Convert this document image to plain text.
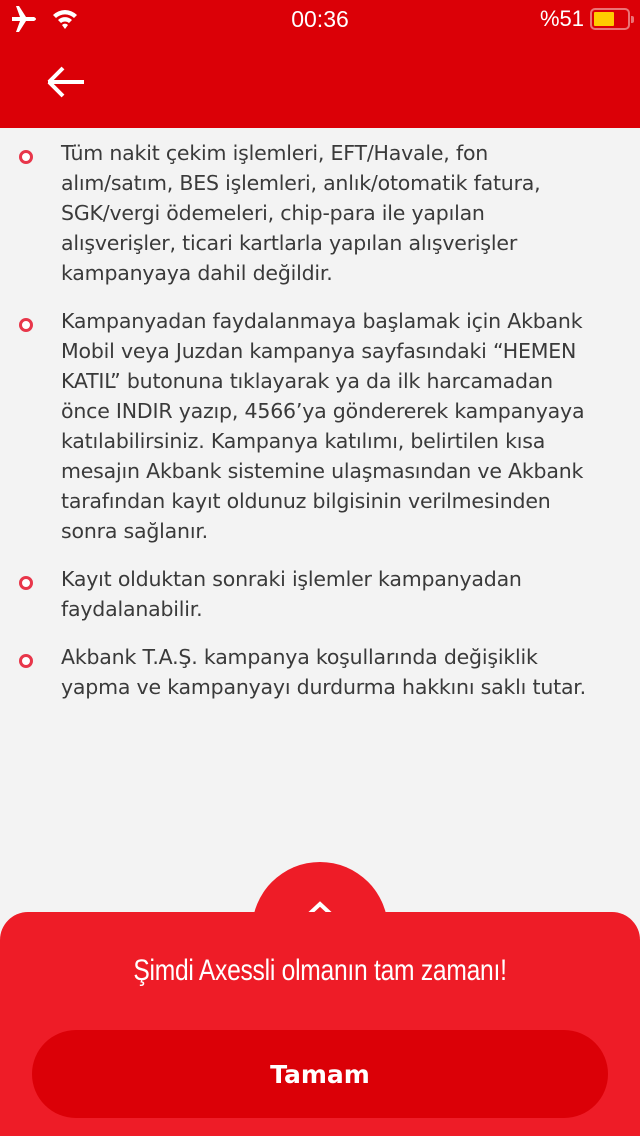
00:36	%51

Tüm nakit çekim işlemleri, EFT/Havale, fon alım/satım, BES işlemleri, anlık/otomatik fatura, SGK/vergi ödemeleri, chip-para ile yapılan alışverişler, ticari kartlarla yapılan alışverişler kampanyaya dahil değildir.

Kampanyadan faydalanmaya başlamak için Akbank Mobil veya Juzdan kampanya sayfasındaki “HEMEN KATIL” butonuna tıklayarak ya da ilk harcamadan önce INDIR yazıp, 4566’ya göndererek kampanyaya katılabilirsiniz. Kampanya katılımı, belirtilen kısa mesajın Akbank sistemine ulaşmasından ve Akbank tarafından kayıt oldunuz bilgisinin verilmesinden sonra sağlanır.

Kayıt olduktan sonraki işlemler kampanyadan faydalanabilir.

Akbank T.A.Ş. kampanya koşullarında değişiklik yapma ve kampanyayı durdurma hakkını saklı tutar.

Şimdi Axessli olmanın tam zamanı!
Tamam
